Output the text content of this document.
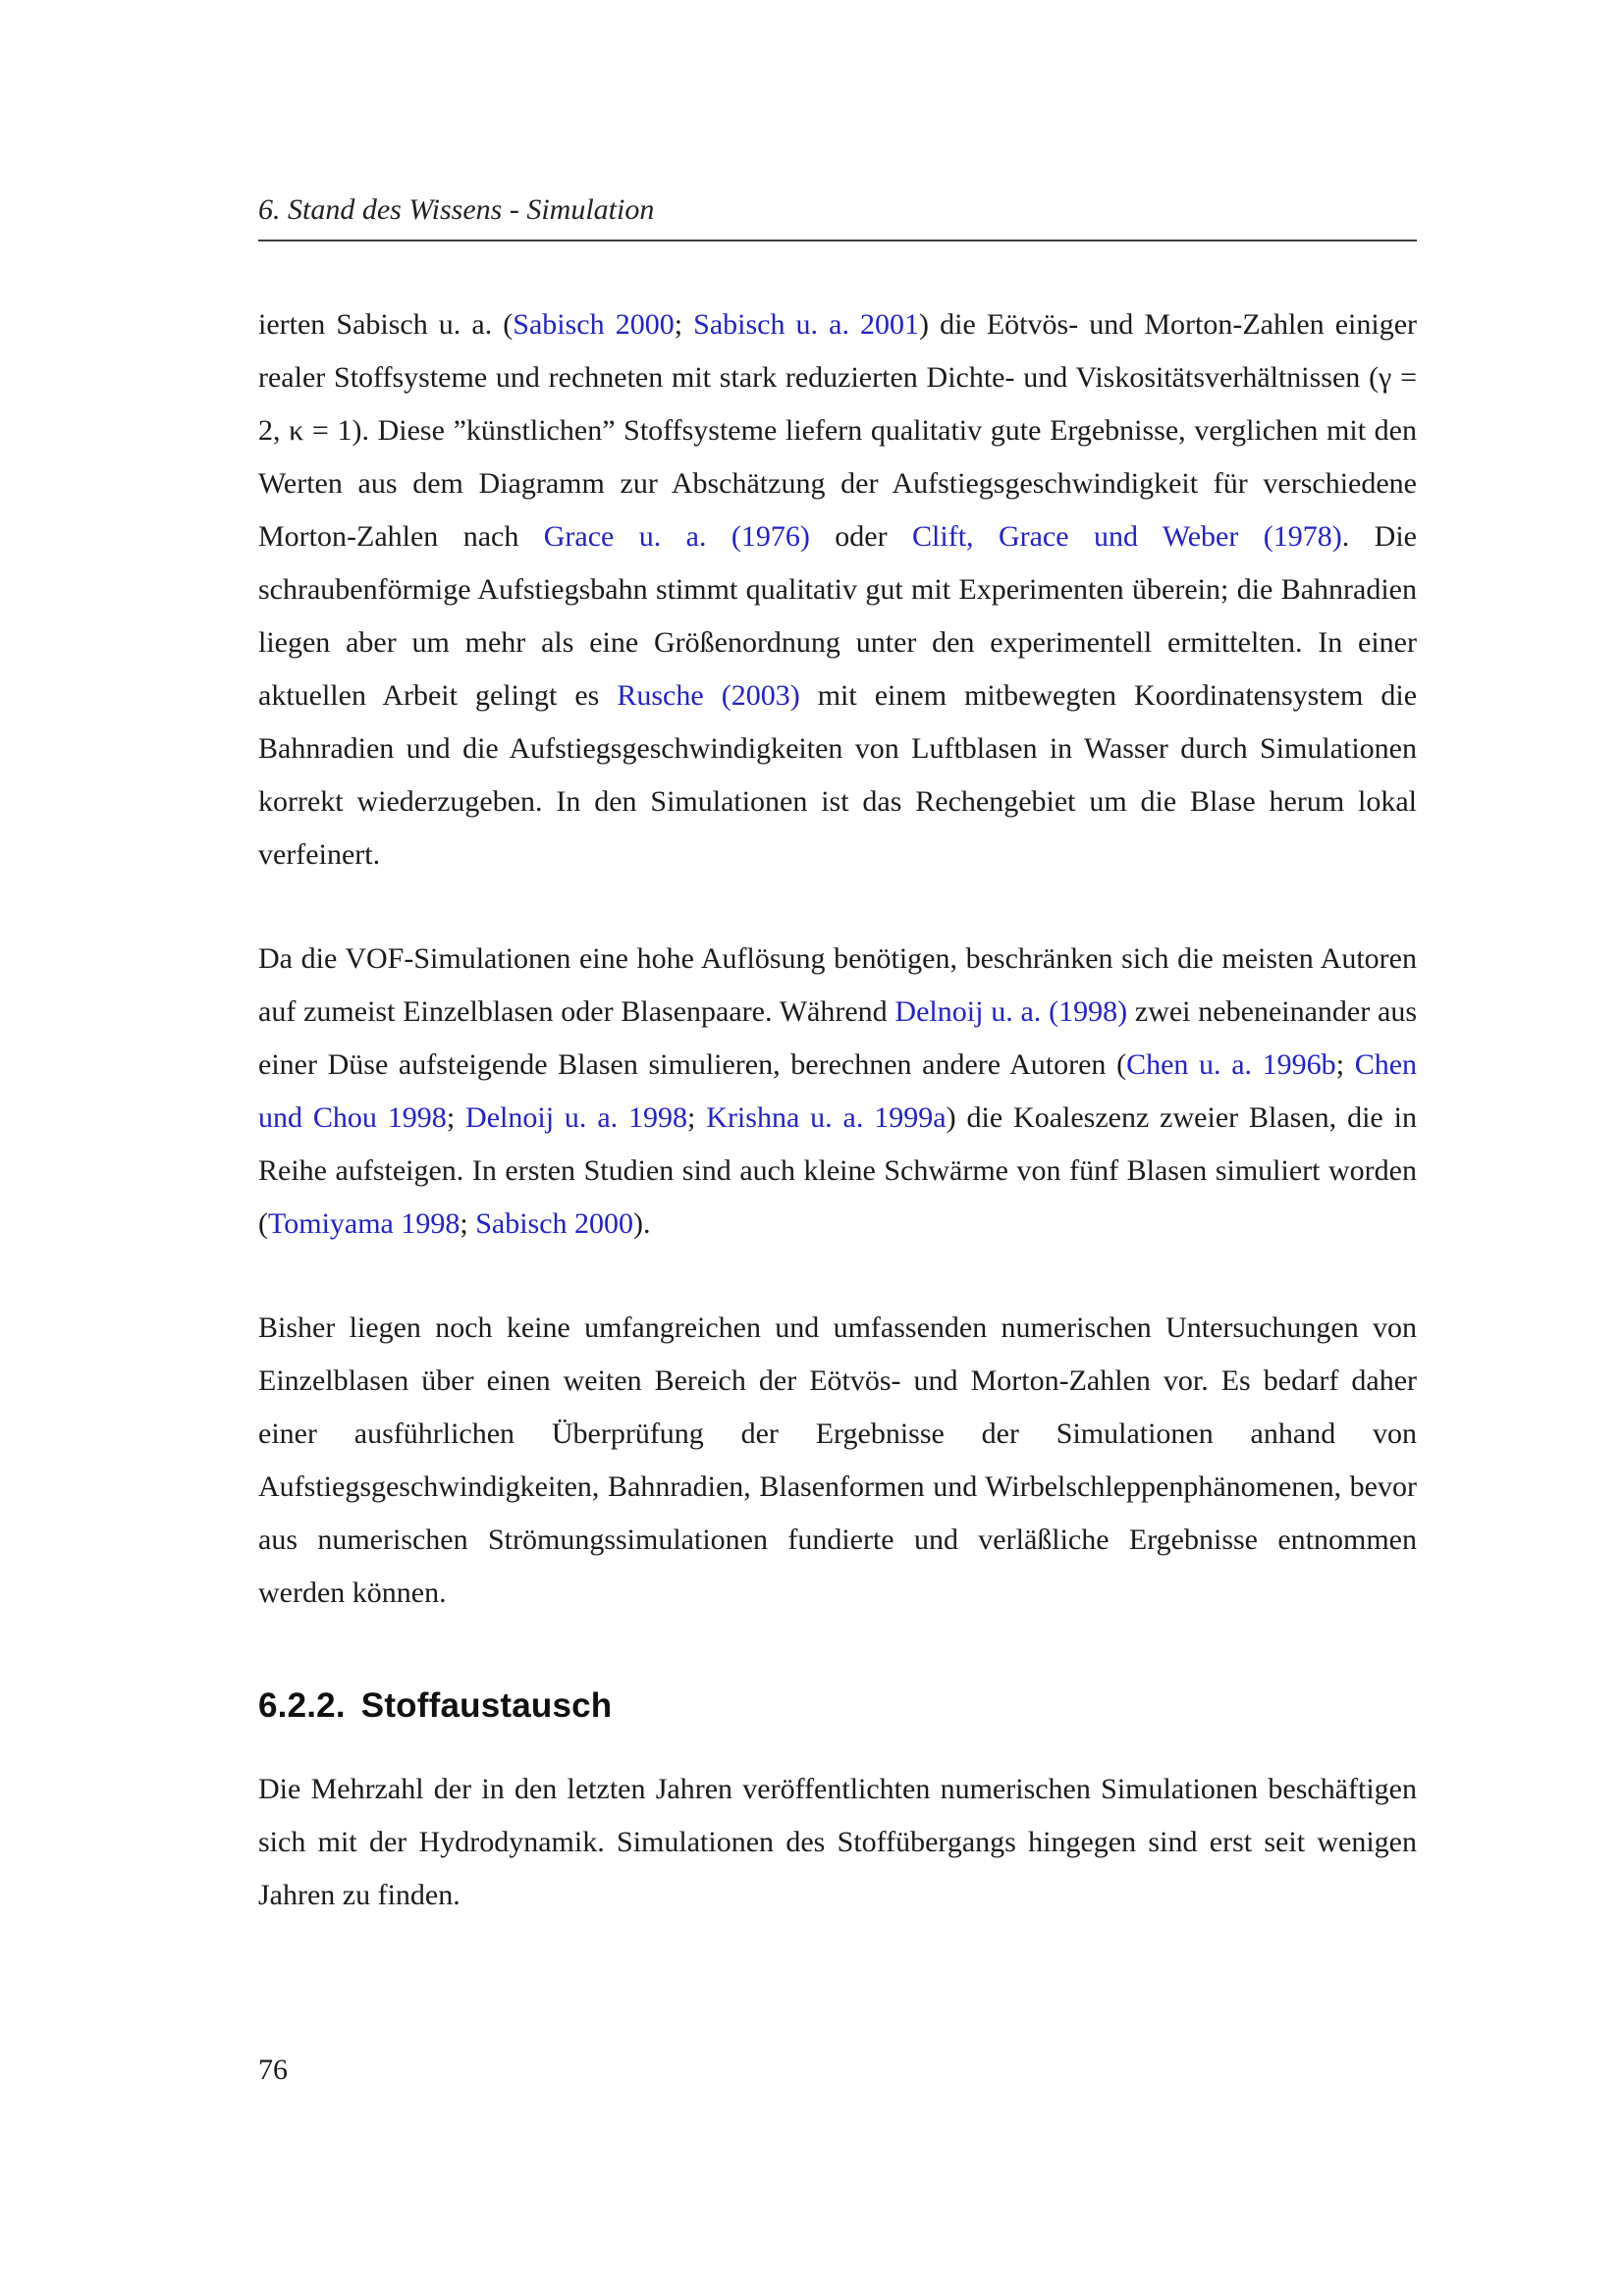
6. Stand des Wissens - Simulation

ierten Sabisch u. a. (Sabisch 2000; Sabisch u. a. 2001) die Eötvös- und Morton-Zahlen einiger realer Stoffsysteme und rechneten mit stark reduzierten Dichte- und Viskositätsverhältnissen (γ = 2, κ = 1). Diese ”künstlichen” Stoffsysteme liefern qualitativ gute Ergebnisse, verglichen mit den Werten aus dem Diagramm zur Abschätzung der Aufstiegsgeschwindigkeit für verschiedene Morton-Zahlen nach Grace u. a. (1976) oder Clift, Grace und Weber (1978). Die schraubenförmige Aufstiegsbahn stimmt qualitativ gut mit Experimenten überein; die Bahnradien liegen aber um mehr als eine Größenordnung unter den experimentell ermittelten. In einer aktuellen Arbeit gelingt es Rusche (2003) mit einem mitbewegten Koordinatensystem die Bahnradien und die Aufstiegsgeschwindigkeiten von Luftblasen in Wasser durch Simulationen korrekt wiederzugeben. In den Simulationen ist das Rechengebiet um die Blase herum lokal verfeinert.

Da die VOF-Simulationen eine hohe Auflösung benötigen, beschränken sich die meisten Autoren auf zumeist Einzelblasen oder Blasenpaare. Während Delnoij u. a. (1998) zwei nebeneinander aus einer Düse aufsteigende Blasen simulieren, berechnen andere Autoren (Chen u. a. 1996b; Chen und Chou 1998; Delnoij u. a. 1998; Krishna u. a. 1999a) die Koaleszenz zweier Blasen, die in Reihe aufsteigen. In ersten Studien sind auch kleine Schwärme von fünf Blasen simuliert worden (Tomiyama 1998; Sabisch 2000).

Bisher liegen noch keine umfangreichen und umfassenden numerischen Untersuchungen von Einzelblasen über einen weiten Bereich der Eötvös- und Morton-Zahlen vor. Es bedarf daher einer ausführlichen Überprüfung der Ergebnisse der Simulationen anhand von Aufstiegsgeschwindigkeiten, Bahnradien, Blasenformen und Wirbelschleppenphänomenen, bevor aus numerischen Strömungssimulationen fundierte und verläßliche Ergebnisse entnommen werden können.

6.2.2. Stoffaustausch

Die Mehrzahl der in den letzten Jahren veröffentlichten numerischen Simulationen beschäftigen sich mit der Hydrodynamik. Simulationen des Stoffübergangs hingegen sind erst seit wenigen Jahren zu finden.

76
